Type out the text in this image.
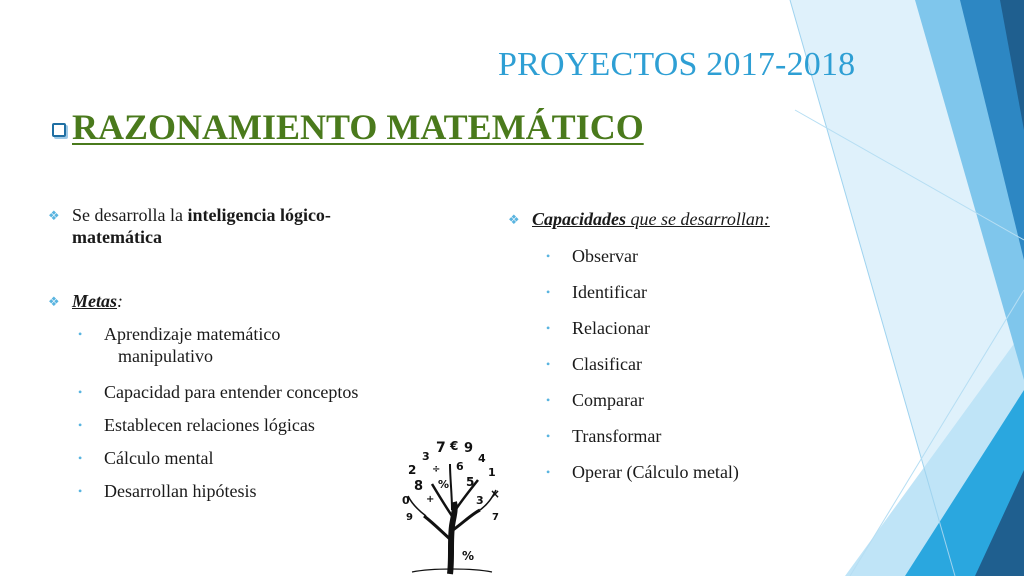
PROYECTOS 2017-2018
RAZONAMIENTO MATEMÁTICO
❖ Se desarrolla la inteligencia lógico-
matemática
❖ Metas:
•	Aprendizaje matemático
manipulativo
•	Capacidad para entender conceptos
•	Establecen relaciones lógicas
•	Cálculo mental
•	Desarrollan hipótesis
❖ Capacidades que se desarrollan:
•	Observar
•	Identificar
•	Relacionar
•	Clasificar
•	Comparar
•	Transformar
•	Operar (Cálculo metal)
7 € 9
3	4
2 ÷ 6 1
8 % 5
0	×
+	3
9	7
%
